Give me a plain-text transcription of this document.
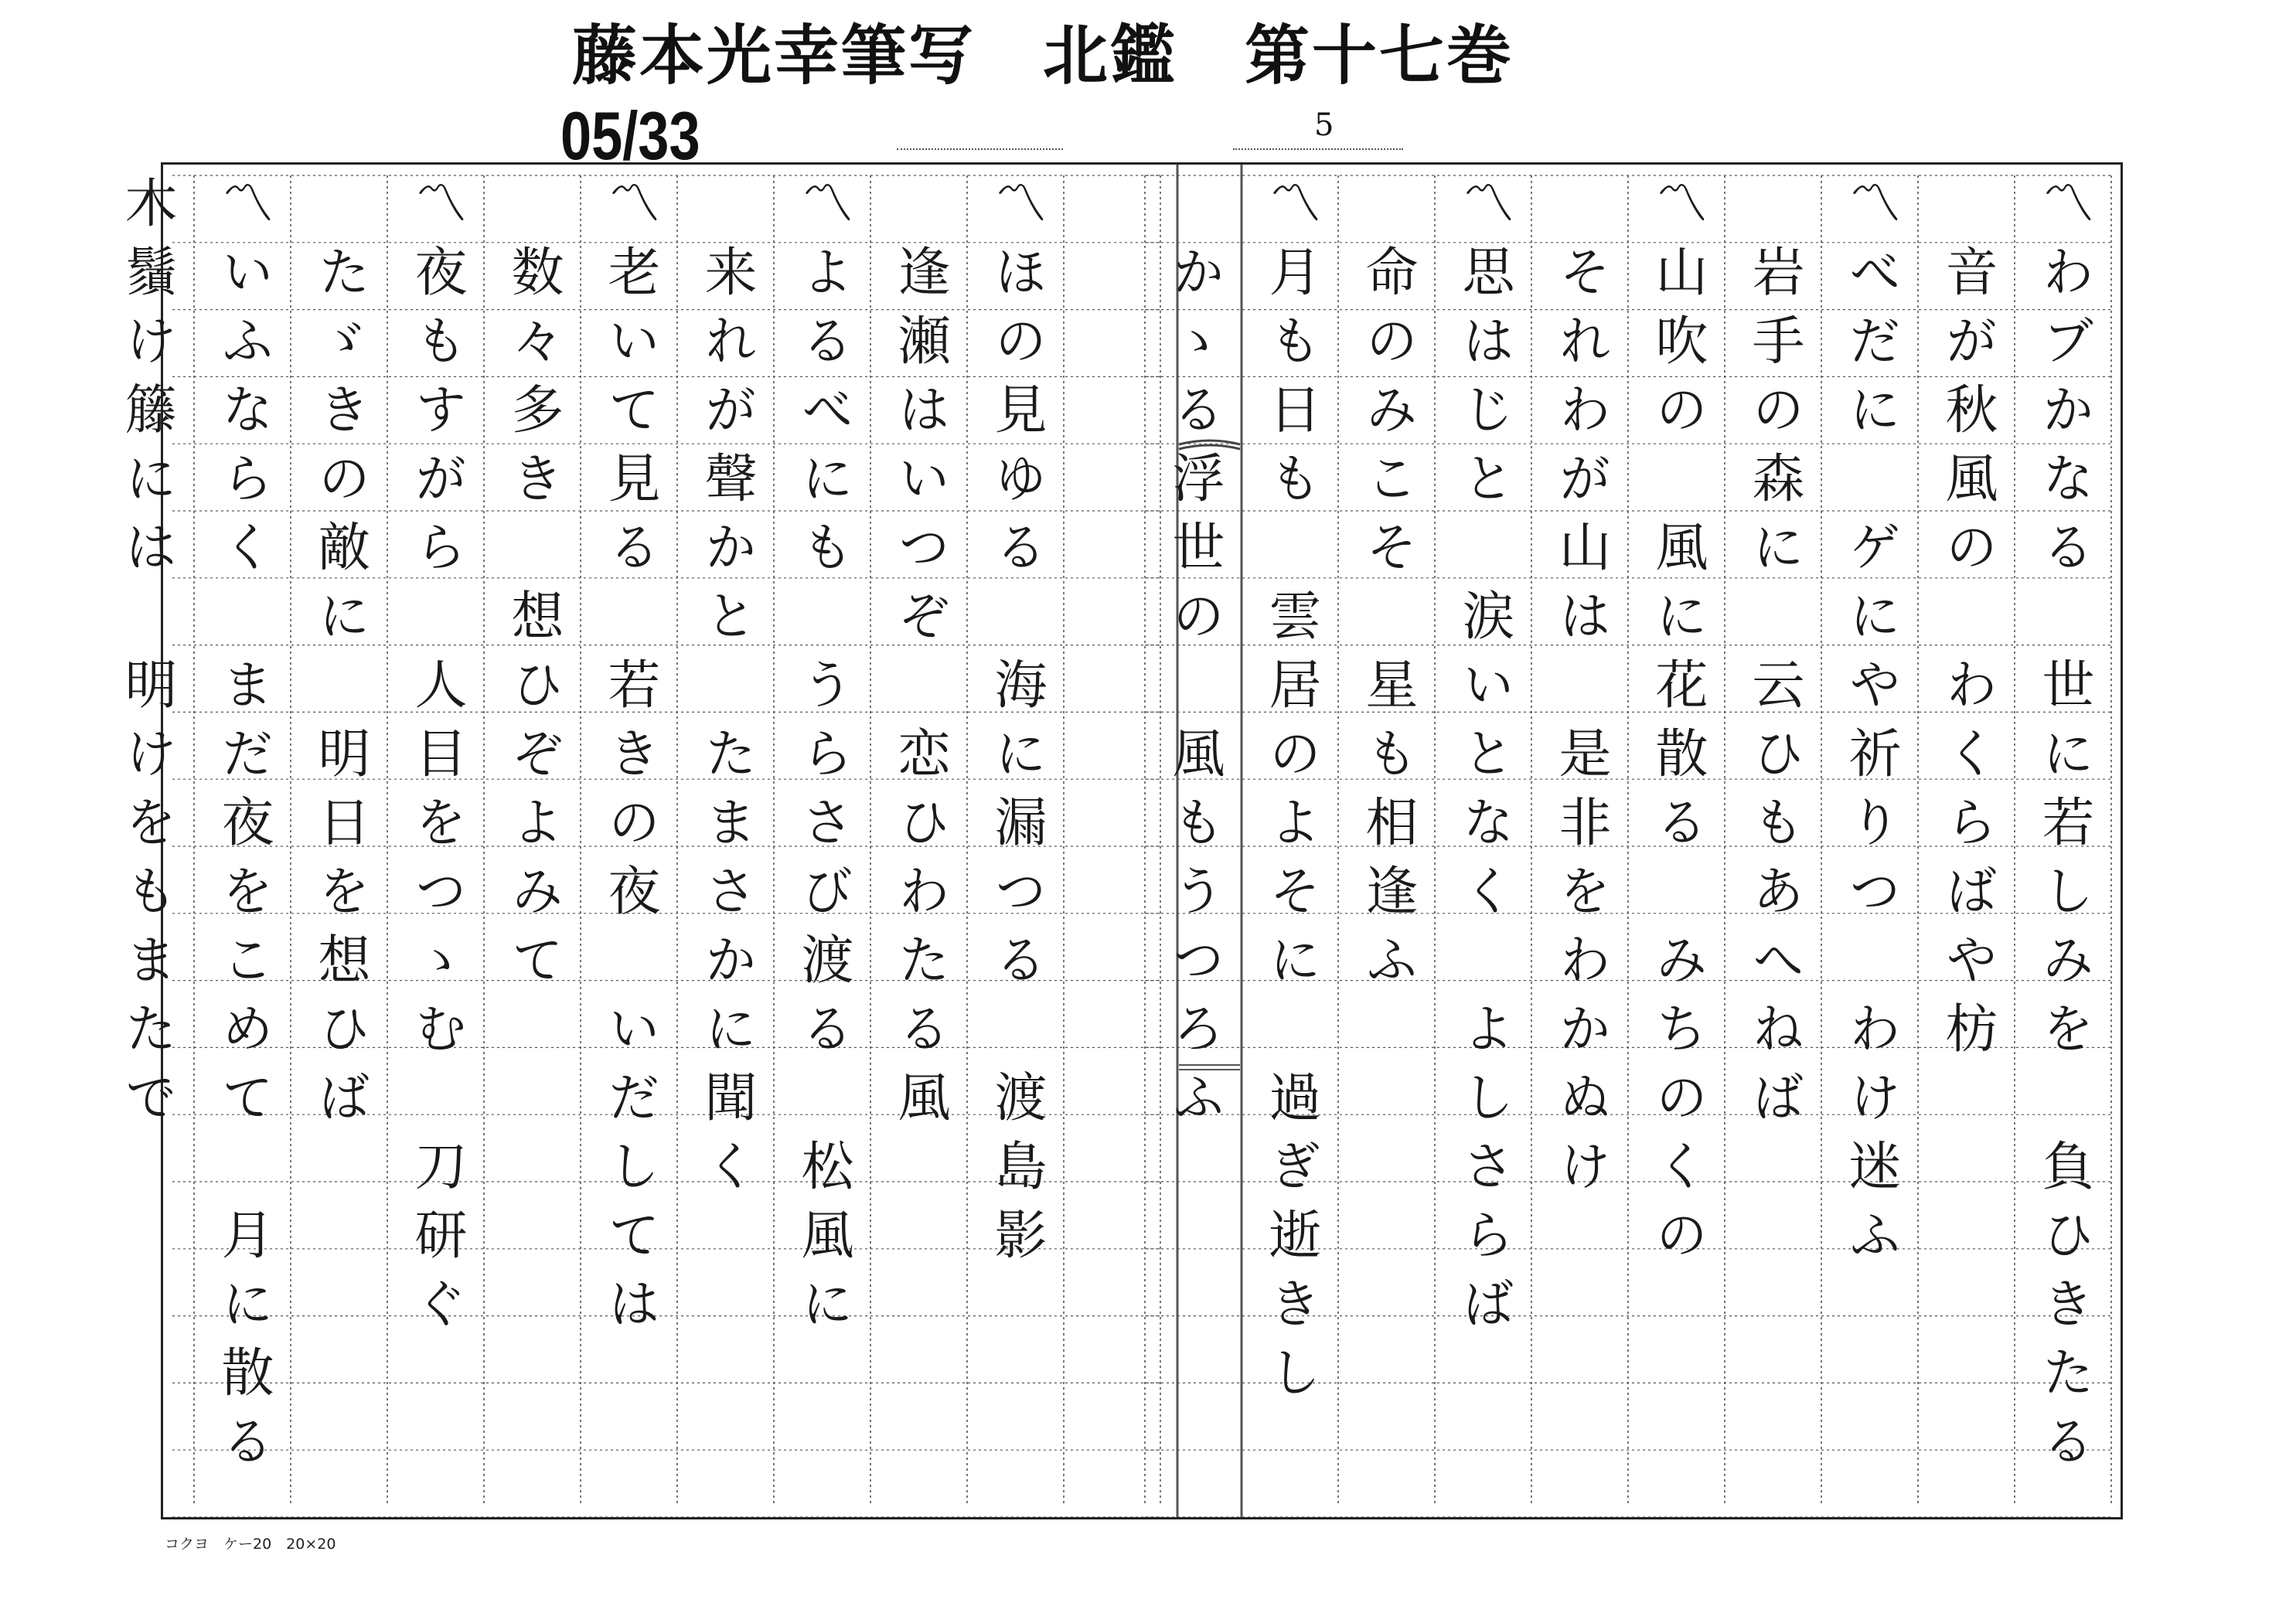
藤本光幸筆写　北鑑　第十七巻
05/33	5
〽わブかなる　世に若しみを　負ひきたる
　音が秋風の　わくらばや枋
〽べだに　ゲにや祈りつ　わけ迷ふ
　岩手の森に　云ひもあへねば
〽山吹の　風に花散る　みちのくの
　それわが山は　是非をわかぬけ
〽思はじと　涙いとなく　よしさらば
　命のみこそ　星も相逢ふ
〽月も日も　雲居のよそに　過ぎ逝きし
　かゝる浮世の　風もうつろふ
〽ほの見ゆる　海に漏つる　渡島影
　逢瀬はいつぞ　恋ひわたる風
〽よるべにも　うらさび渡る　松風に
　来れが聲かと　たまさかに聞く
〽老いて見る　若きの夜　いだしては
　数々多き　想ひぞよみて
〽夜もすがら　人目をつゝむ　刀研ぐ
　たゞきの敵に　明日を想ひば
〽いふならく　まだ夜をこめて　月に散る
木鬚け籐には　明けをもまたで
コクヨ　ケー20　20×20
